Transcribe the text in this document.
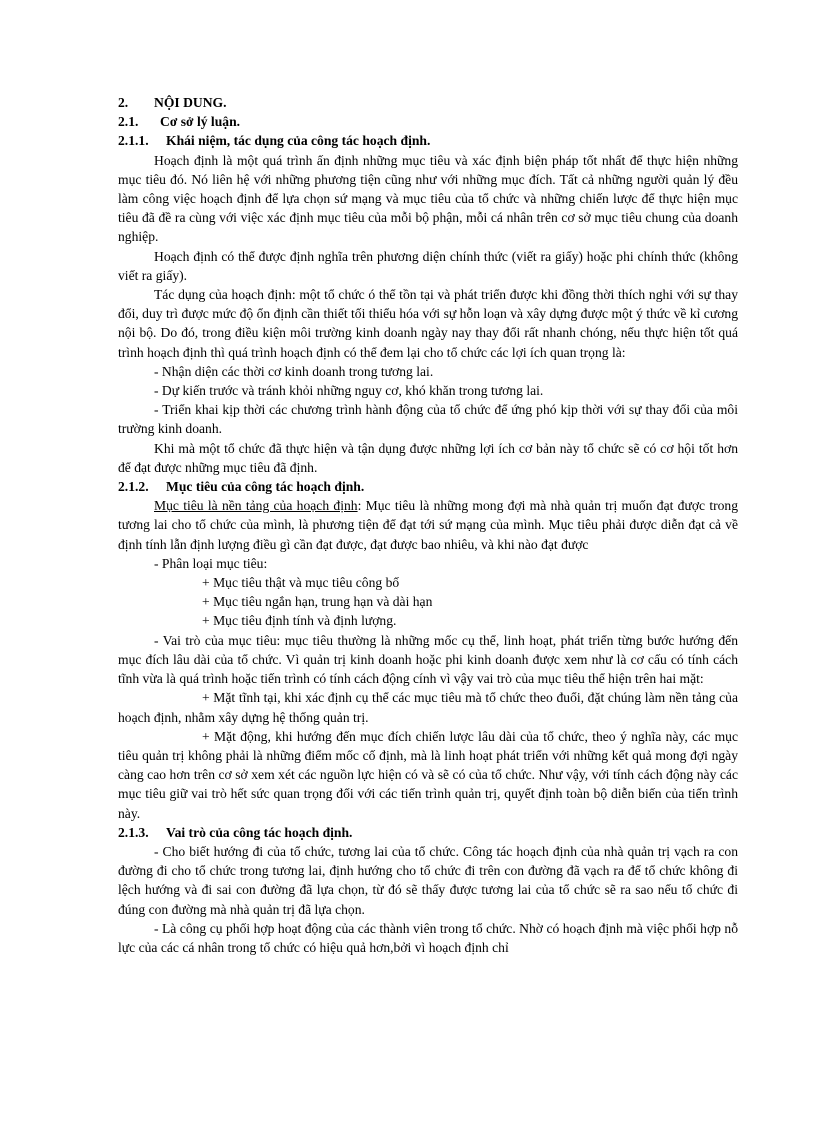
2. NỘI DUNG.

2.1. Cơ sở lý luận.

2.1.1. Khái niệm, tác dụng của công tác hoạch định.

Hoạch định là một quá trình ấn định những mục tiêu và xác định biện pháp tốt nhất để thực hiện những mục tiêu đó. Nó liên hệ với những phương tiện cũng như với những mục đích. Tất cả những người quản lý đều làm công việc hoạch định để lựa chọn sứ mạng và mục tiêu của tổ chức và những chiến lược để thực hiện mục tiêu đã đề ra cùng với việc xác định mục tiêu của mỗi bộ phận, mỗi cá nhân trên cơ sở mục tiêu chung của doanh nghiệp.

Hoạch định có thể được định nghĩa trên phương diện chính thức (viết ra giấy) hoặc phi chính thức (không viết ra giấy).

Tác dụng của hoạch định: một tổ chức ó thể tồn tại và phát triển được khi đồng thời thích nghi với sự thay đổi, duy trì được mức độ ổn định cần thiết tối thiểu hóa với sự hỗn loạn và xây dựng được một ý thức về kỉ cương nội bộ. Do đó, trong điều kiện môi trường kinh doanh ngày nay thay đổi rất nhanh chóng, nếu thực hiện tốt quá trình hoạch định thì quá trình hoạch định có thể đem lại cho tổ chức các lợi ích quan trọng là:

- Nhận diện các thời cơ kinh doanh trong tương lai.

- Dự kiến trước và tránh khỏi những nguy cơ, khó khăn trong tương lai.

- Triển khai kịp thời các chương trình hành động của tổ chức để ứng phó kịp thời với sự thay đổi của môi trường kinh doanh.

Khi mà một tổ chức đã thực hiện và tận dụng được những lợi ích cơ bản này tổ chức sẽ có cơ hội tốt hơn để đạt được những mục tiêu đã định.

2.1.2. Mục tiêu của công tác hoạch định.

Mục tiêu là nền tảng của hoạch định: Mục tiêu là những mong đợi mà nhà quản trị muốn đạt được trong tương lai cho tổ chức của mình, là phương tiện để đạt tới sứ mạng của mình. Mục tiêu phải được diễn đạt cả về định tính lẫn định lượng điều gì cần đạt được, đạt được bao nhiêu, và khi nào đạt được

- Phân loại mục tiêu:

+ Mục tiêu thật và mục tiêu công bố

+ Mục tiêu ngắn hạn, trung hạn và dài hạn

+ Mục tiêu định tính và định lượng.

- Vai trò của mục tiêu: mục tiêu thường là những mốc cụ thể, linh hoạt, phát triển từng bước hướng đến mục đích lâu dài của tổ chức. Vì quản trị kinh doanh hoặc phi kinh doanh được xem như là cơ cấu có tính cách tĩnh vừa là quá trình hoặc tiến trình có tính cách động cính vì vậy vai trò của mục tiêu thể hiện trên hai mặt:

+ Mặt tĩnh tại, khi xác định cụ thể các mục tiêu mà tổ chức theo đuổi, đặt chúng làm nền tảng của hoạch định, nhằm xây dựng hệ thống quản trị.

+ Mặt động, khi hướng đến mục đích chiến lược lâu dài của tổ chức, theo ý nghĩa này, các mục tiêu quản trị không phải là những điểm mốc cố định, mà là linh hoạt phát triển với những kết quả mong đợi ngày càng cao hơn trên cơ sở xem xét các nguồn lực hiện có và sẽ có của tổ chức. Như vậy, với tính cách động này các mục tiêu giữ vai trò hết sức quan trọng đối với các tiến trình quản trị, quyết định toàn bộ diễn biến của tiến trình này.

2.1.3. Vai trò của công tác hoạch định.

- Cho biết hướng đi của tổ chức, tương lai của tổ chức. Công tác hoạch định của nhà quản trị vạch ra con đường đi cho tổ chức trong tương lai, định hướng cho tổ chức đi trên con đường đã vạch ra để tổ chức không đi lệch hướng và đi sai con đường đã lựa chọn, từ đó sẽ thấy được tương lai của tổ chức sẽ ra sao nếu tổ chức đi đúng con đường mà nhà quản trị đã lựa chọn.

- Là công cụ phối hợp hoạt động của các thành viên trong tổ chức. Nhờ có hoạch định mà việc phối hợp nỗ lực của các cá nhân trong tổ chức có hiệu quả hơn,bởi vì hoạch định chỉ
